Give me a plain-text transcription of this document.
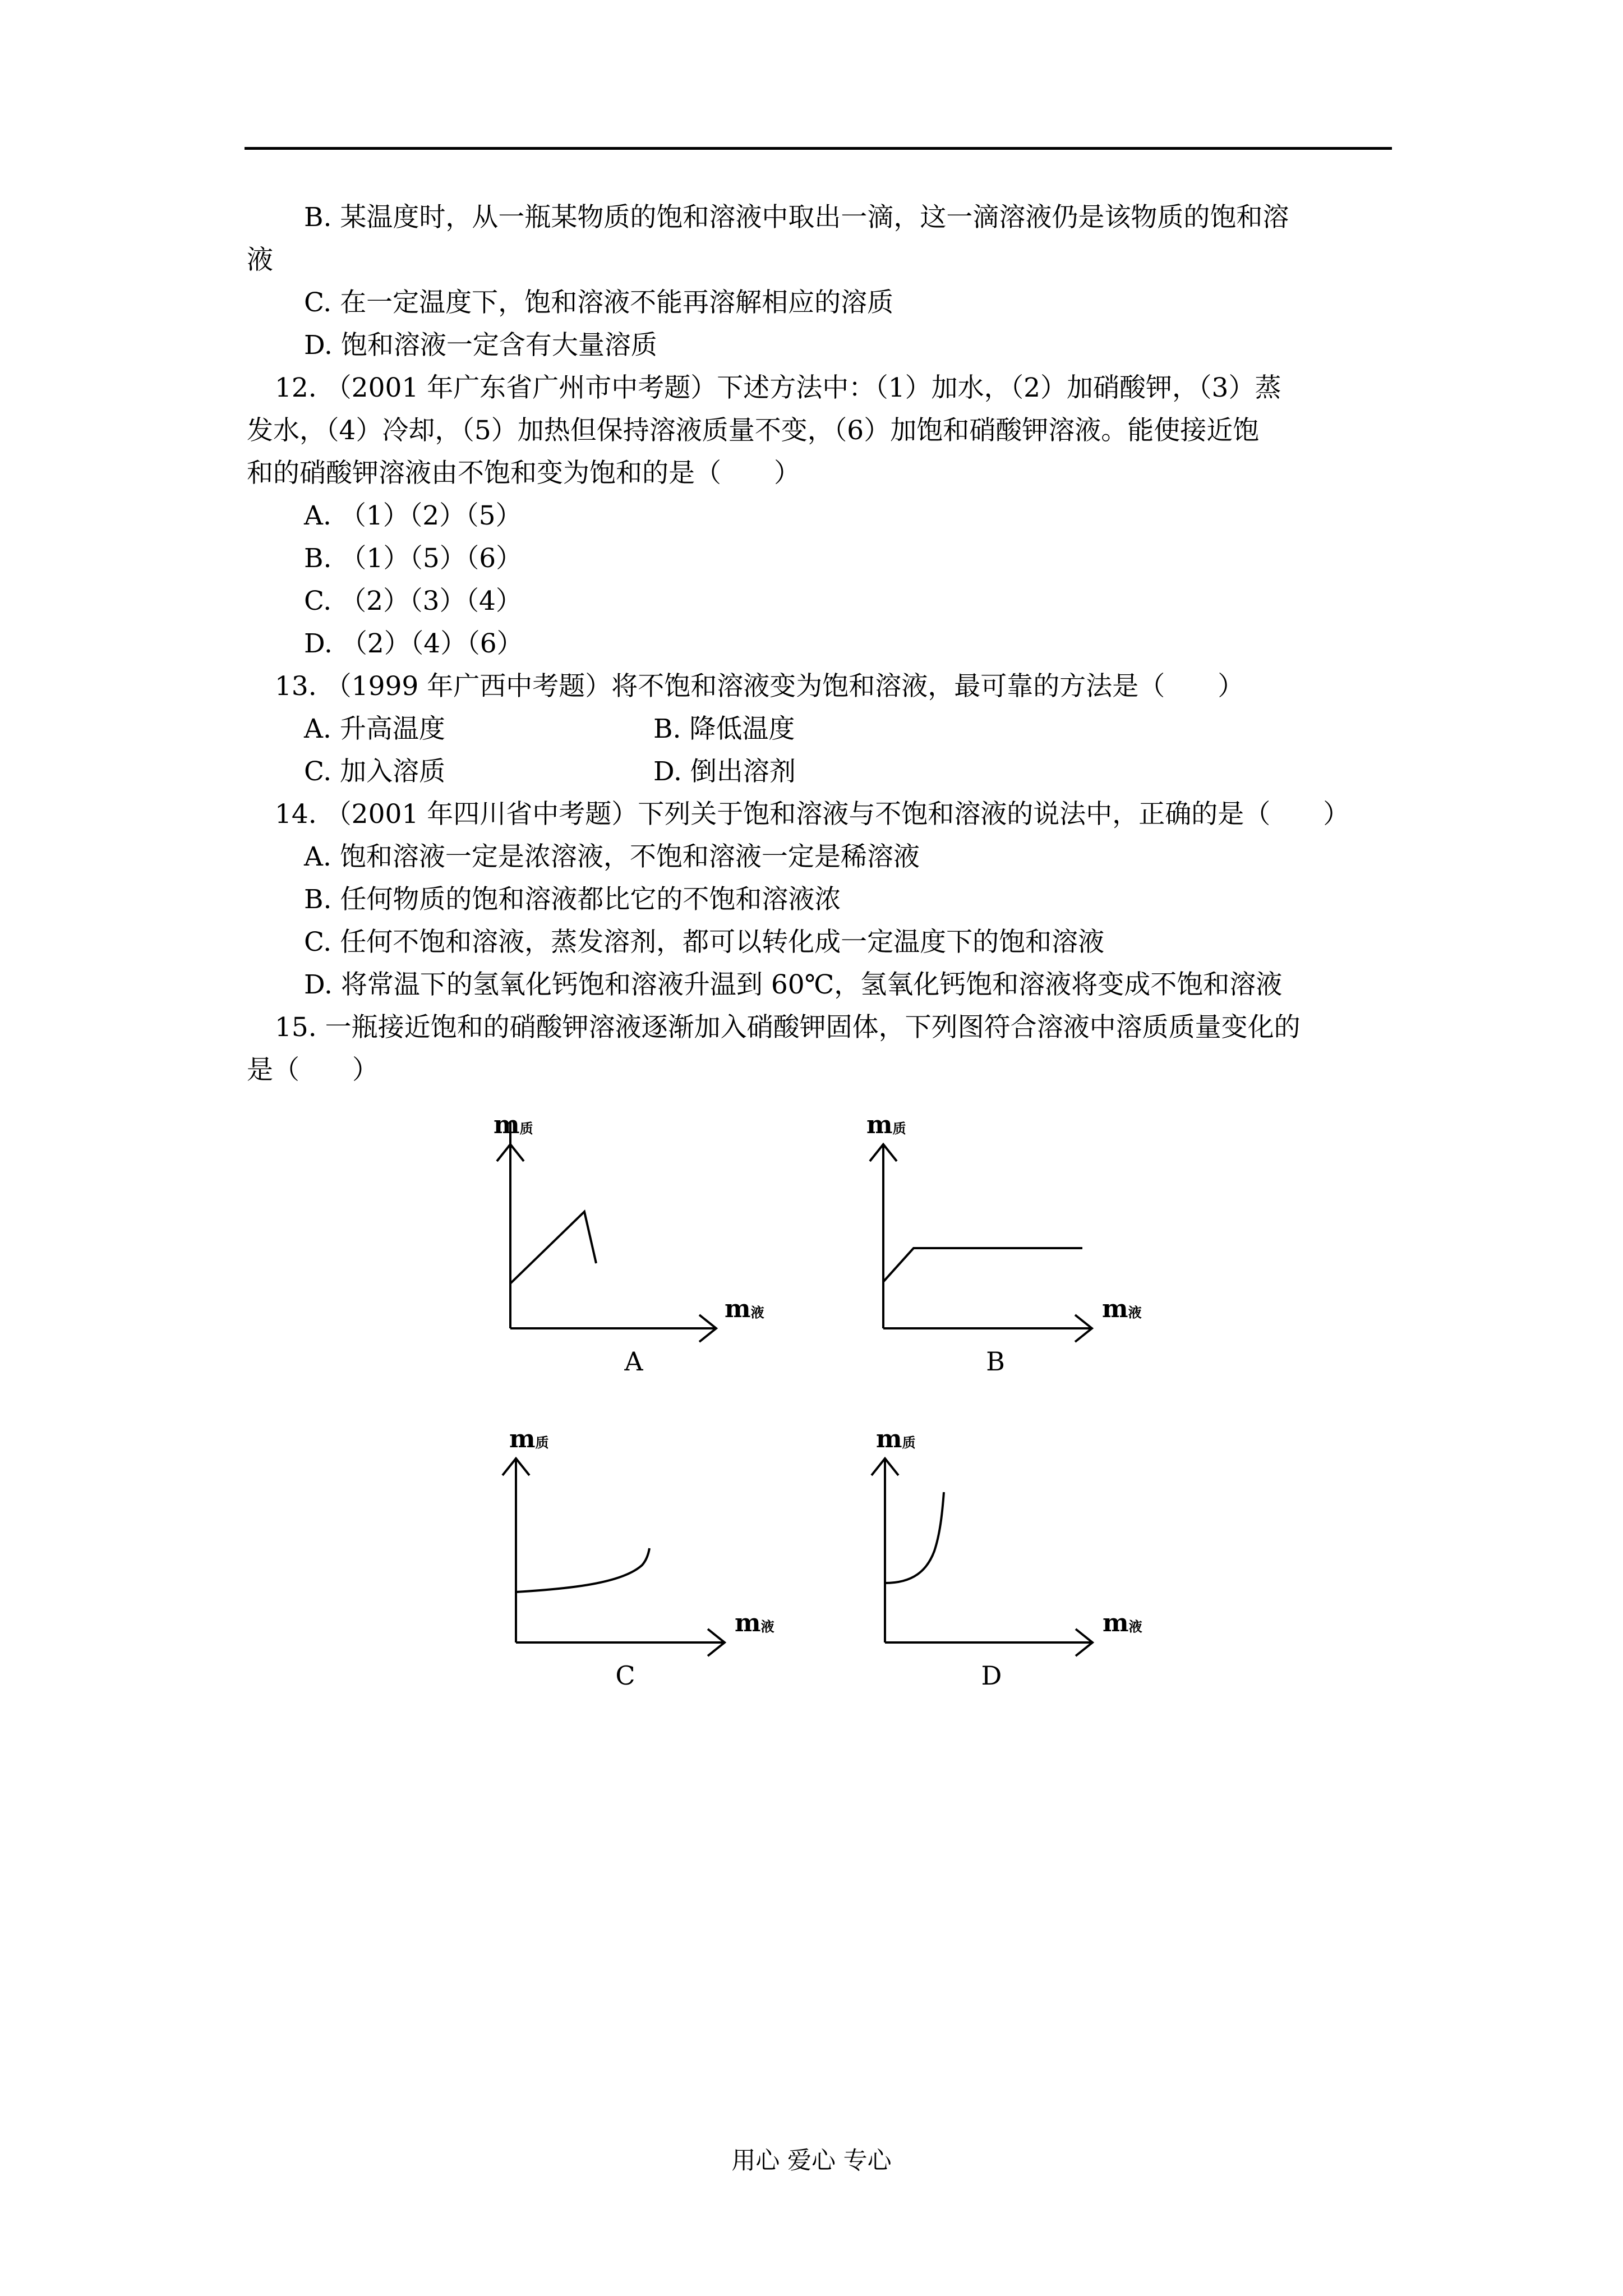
B. 某温度时，从一瓶某物质的饱和溶液中取出一滴，这一滴溶液仍是该物质的饱和溶
液
C. 在一定温度下，饱和溶液不能再溶解相应的溶质
D. 饱和溶液一定含有大量溶质
12. （2001 年广东省广州市中考题）下述方法中：（1）加水，（2）加硝酸钾，（3）蒸
发水，（4）冷却，（5）加热但保持溶液质量不变，（6）加饱和硝酸钾溶液。能使接近饱
和的硝酸钾溶液由不饱和变为饱和的是（　　）
A. （1）（2）（5）
B. （1）（5）（6）
C. （2）（3）（4）
D. （2）（4）（6）
13. （1999 年广西中考题）将不饱和溶液变为饱和溶液，最可靠的方法是（　　）
A. 升高温度	B. 降低温度
C. 加入溶质	D. 倒出溶剂
14. （2001 年四川省中考题）下列关于饱和溶液与不饱和溶液的说法中，正确的是（　　）
A. 饱和溶液一定是浓溶液，不饱和溶液一定是稀溶液
B. 任何物质的饱和溶液都比它的不饱和溶液浓
C. 任何不饱和溶液，蒸发溶剂，都可以转化成一定温度下的饱和溶液
D. 将常温下的氢氧化钙饱和溶液升温到 60℃，氢氧化钙饱和溶液将变成不饱和溶液
15. 一瓶接近饱和的硝酸钾溶液逐渐加入硝酸钾固体，下列图符合溶液中溶质质量变化的
是（　　）
m质
m液
A
m质
m液
B
m质
m液
C
m质
m液
D
用心 爱心 专心
